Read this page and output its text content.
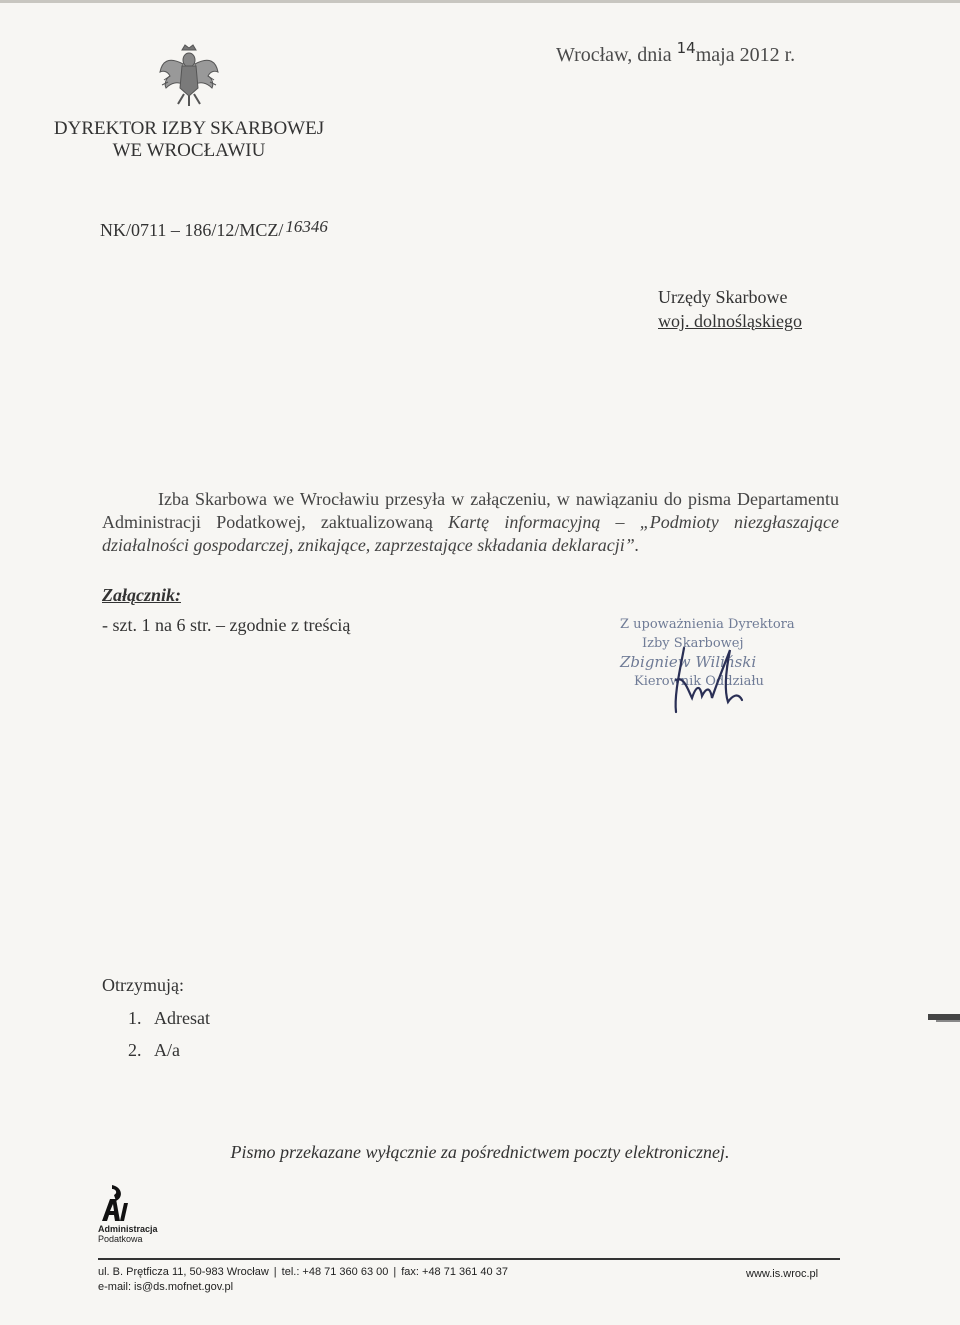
Wrocław, dnia $^{14}$maja 2012 r.
DYREKTOR IZBY SKARBOWEJ
WE WROCŁAWIU
NK/0711 – 186/12/MCZ/ 16346
Urzędy Skarbowe
woj. dolnośląskiego
Izba Skarbowa we Wrocławiu przesyła w załączeniu, w nawiązaniu do pisma Departamentu Administracji Podatkowej, zaktualizowaną Kartę informacyjną – „Podmioty niezgłaszające działalności gospodarczej, znikające, zaprzestające składania deklaracji”.
Załącznik:
- szt. 1 na 6 str. – zgodnie z treścią	Z upoważnienia Dyrektora
Izby Skarbowej
Zbigniew Wiliński
Kierownik Oddziału
Otrzymują:
1. Adresat
2. A/a
Pismo przekazane wyłącznie za pośrednictwem poczty elektronicznej.
Administracja
Podatkowa
ul. B. Prętficza 11, 50-983 Wrocław | tel.: +48 71 360 63 00 | fax: +48 71 361 40 37
e-mail: is@ds.mofnet.gov.pl
www.is.wroc.pl
